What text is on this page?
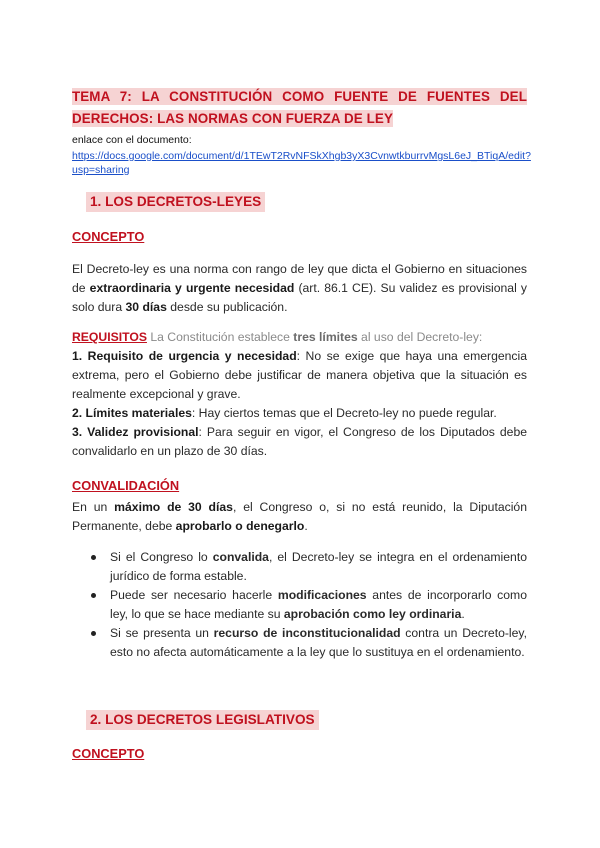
TEMA 7: LA CONSTITUCIÓN COMO FUENTE DE FUENTES DEL DERECHOS: LAS NORMAS CON FUERZA DE LEY
enlace con el documento:
https://docs.google.com/document/d/1TEwT2RvNFSkXhgb3yX3CvnwtkburrvMgsL6eJ_BTiqA/edit?usp=sharing
1. LOS DECRETOS-LEYES
CONCEPTO
El Decreto-ley es una norma con rango de ley que dicta el Gobierno en situaciones de extraordinaria y urgente necesidad (art. 86.1 CE). Su validez es provisional y solo dura 30 días desde su publicación.
REQUISITOS La Constitución establece tres límites al uso del Decreto-ley:
1. Requisito de urgencia y necesidad: No se exige que haya una emergencia extrema, pero el Gobierno debe justificar de manera objetiva que la situación es realmente excepcional y grave.
2. Límites materiales: Hay ciertos temas que el Decreto-ley no puede regular.
3. Validez provisional: Para seguir en vigor, el Congreso de los Diputados debe convalidarlo en un plazo de 30 días.
CONVALIDACIÓN
En un máximo de 30 días, el Congreso o, si no está reunido, la Diputación Permanente, debe aprobarlo o denegarlo.
Si el Congreso lo convalida, el Decreto-ley se integra en el ordenamiento jurídico de forma estable.
Puede ser necesario hacerle modificaciones antes de incorporarlo como ley, lo que se hace mediante su aprobación como ley ordinaria.
Si se presenta un recurso de inconstitucionalidad contra un Decreto-ley, esto no afecta automáticamente a la ley que lo sustituya en el ordenamiento.
2. LOS DECRETOS LEGISLATIVOS
CONCEPTO
